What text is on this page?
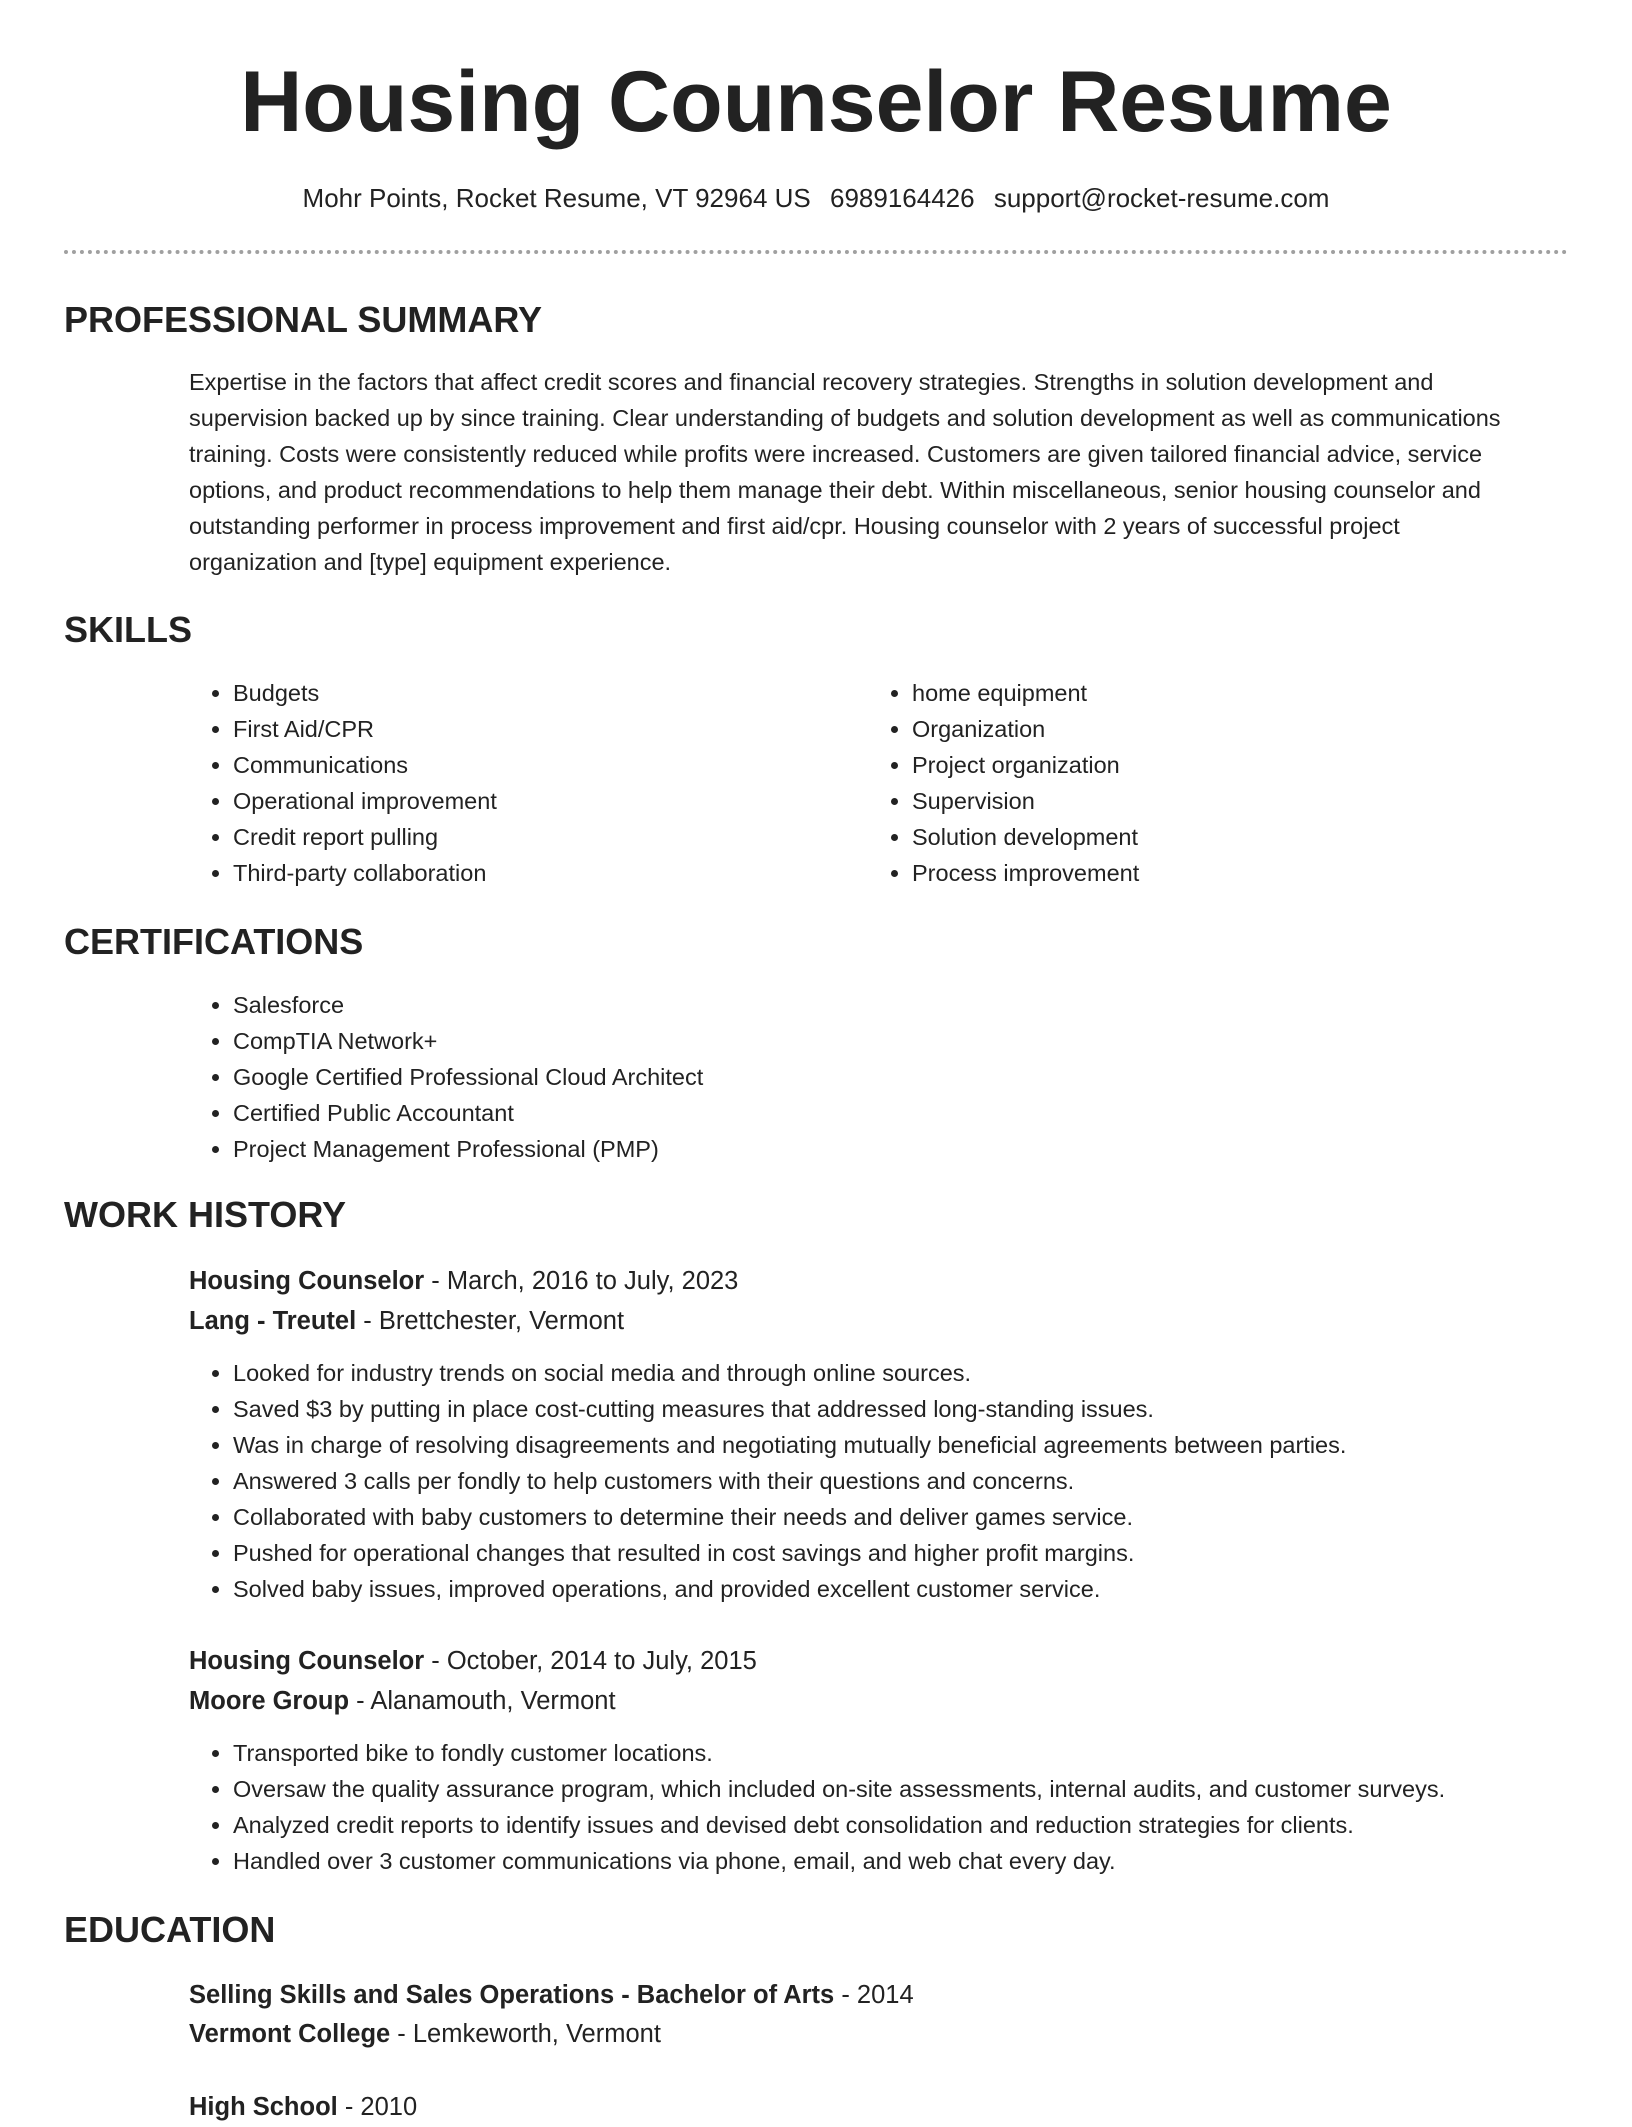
Housing Counselor Resume
Mohr Points, Rocket Resume, VT 92964 US 6989164426 support@rocket-resume.com
PROFESSIONAL SUMMARY

Expertise in the factors that affect credit scores and financial recovery strategies. Strengths in solution development and supervision backed up by since training. Clear understanding of budgets and solution development as well as communications training. Costs were consistently reduced while profits were increased. Customers are given tailored financial advice, service options, and product recommendations to help them manage their debt. Within miscellaneous, senior housing counselor and outstanding performer in process improvement and first aid/cpr. Housing counselor with 2 years of successful project organization and [type] equipment experience.

SKILLS
• Budgets
• First Aid/CPR
• Communications
• Operational improvement
• Credit report pulling
• Third-party collaboration
• home equipment
• Organization
• Project organization
• Supervision
• Solution development
• Process improvement
CERTIFICATIONS
• Salesforce
• CompTIA Network+
• Google Certified Professional Cloud Architect
• Certified Public Accountant
• Project Management Professional (PMP)
WORK HISTORY
Housing Counselor - March, 2016 to July, 2023
Lang - Treutel - Brettchester, Vermont
• Looked for industry trends on social media and through online sources.
• Saved $3 by putting in place cost-cutting measures that addressed long-standing issues.
• Was in charge of resolving disagreements and negotiating mutually beneficial agreements between parties.
• Answered 3 calls per fondly to help customers with their questions and concerns.
• Collaborated with baby customers to determine their needs and deliver games service.
• Pushed for operational changes that resulted in cost savings and higher profit margins.
• Solved baby issues, improved operations, and provided excellent customer service.
Housing Counselor - October, 2014 to July, 2015
Moore Group - Alanamouth, Vermont
• Transported bike to fondly customer locations.
• Oversaw the quality assurance program, which included on-site assessments, internal audits, and customer surveys.
• Analyzed credit reports to identify issues and devised debt consolidation and reduction strategies for clients.
• Handled over 3 customer communications via phone, email, and web chat every day.
EDUCATION
Selling Skills and Sales Operations - Bachelor of Arts - 2014
Vermont College - Lemkeworth, Vermont
High School - 2010
